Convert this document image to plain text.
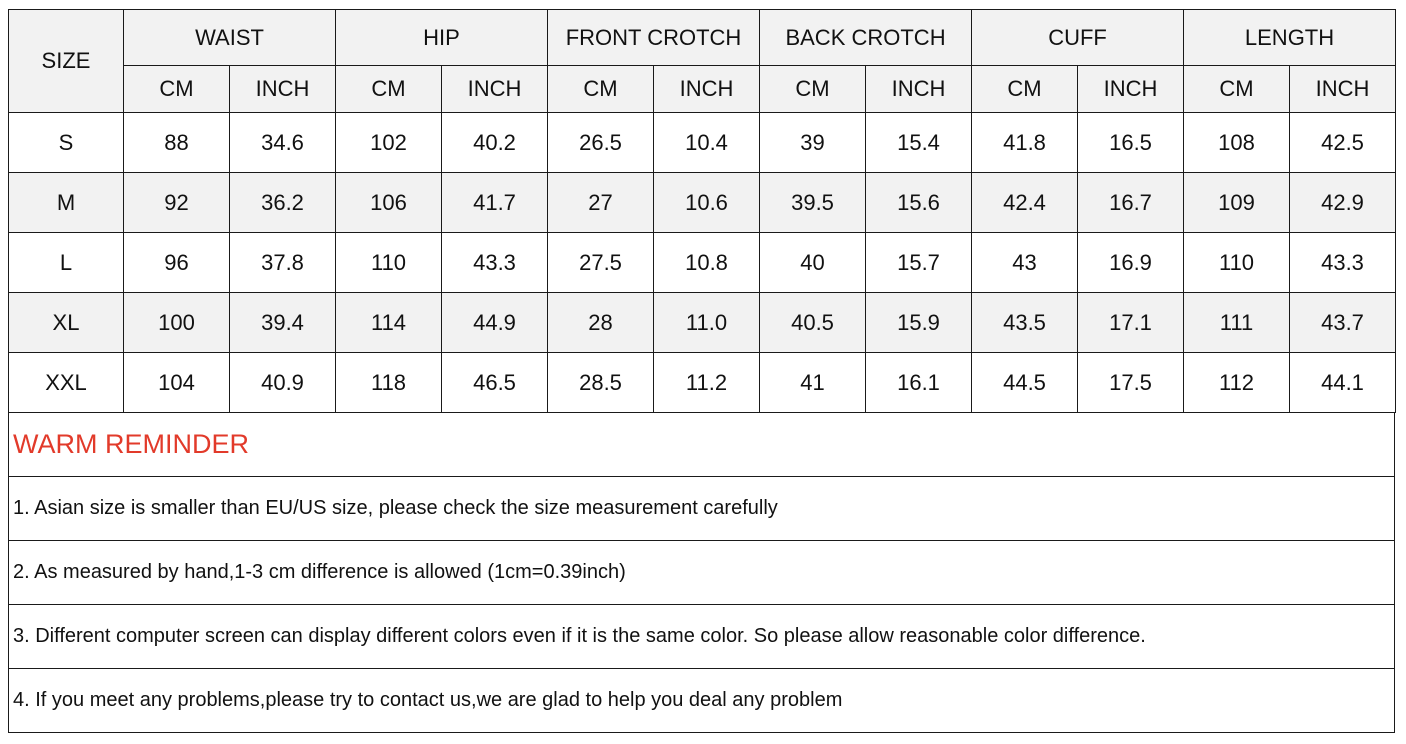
SIZE	WAIST		HIP		FRONT CROTCH		BACK CROTCH		CUFF		LENGTH	
	CM	INCH	CM	INCH	CM	INCH	CM	INCH	CM	INCH	CM	INCH
S	88	34.6	102	40.2	26.5	10.4	39	15.4	41.8	16.5	108	42.5
M	92	36.2	106	41.7	27	10.6	39.5	15.6	42.4	16.7	109	42.9
L	96	37.8	110	43.3	27.5	10.8	40	15.7	43	16.9	110	43.3
XL	100	39.4	114	44.9	28	11.0	40.5	15.9	43.5	17.1	111	43.7
XXL	104	40.9	118	46.5	28.5	11.2	41	16.1	44.5	17.5	112	44.1
WARM REMINDER
1. Asian size is smaller than EU/US size, please check the size measurement carefully
2. As measured by hand,1-3 cm difference is allowed (1cm=0.39inch)
3. Different computer screen can display different colors even if it is the same color. So please allow reasonable color difference.
4. If you meet any problems,please try to contact us,we are glad to help you deal any problem
